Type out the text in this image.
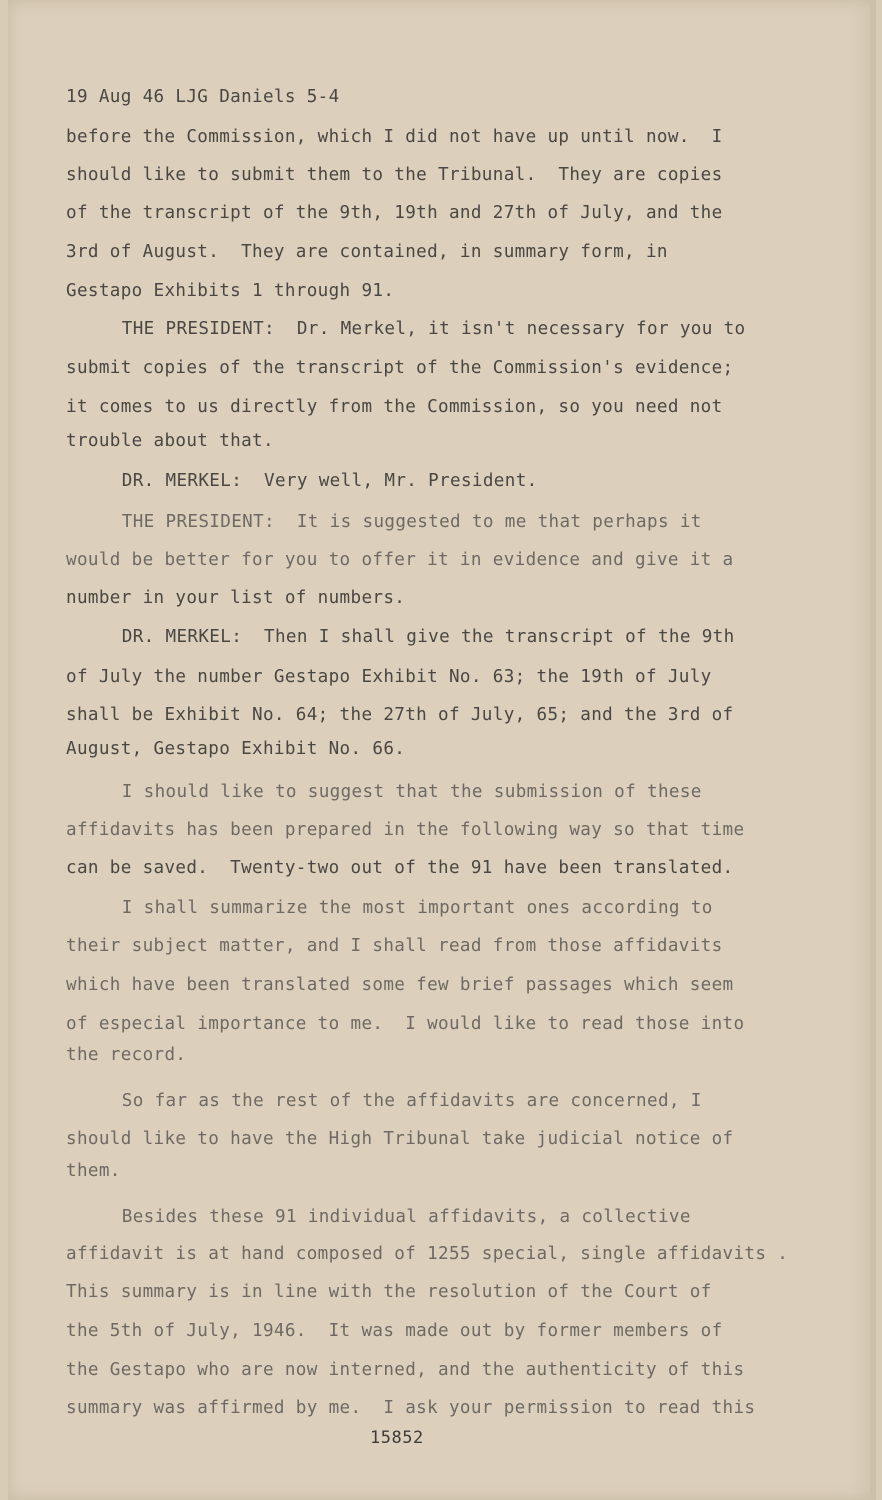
19 Aug 46 LJG Daniels 5-4
before the Commission, which I did not have up until now.  I
should like to submit them to the Tribunal.  They are copies
of the transcript of the 9th, 19th and 27th of July, and the
3rd of August.  They are contained, in summary form, in
Gestapo Exhibits 1 through 91.
THE PRESIDENT:  Dr. Merkel, it isn't necessary for you to
submit copies of the transcript of the Commission's evidence;
it comes to us directly from the Commission, so you need not
trouble about that.
DR. MERKEL:  Very well, Mr. President.
THE PRESIDENT:  It is suggested to me that perhaps it
would be better for you to offer it in evidence and give it a
number in your list of numbers.
DR. MERKEL:  Then I shall give the transcript of the 9th
of July the number Gestapo Exhibit No. 63; the 19th of July
shall be Exhibit No. 64; the 27th of July, 65; and the 3rd of
August, Gestapo Exhibit No. 66.
I should like to suggest that the submission of these
affidavits has been prepared in the following way so that time
can be saved.  Twenty-two out of the 91 have been translated.
I shall summarize the most important ones according to
their subject matter, and I shall read from those affidavits
which have been translated some few brief passages which seem
of especial importance to me.  I would like to read those into
the record.
So far as the rest of the affidavits are concerned, I
should like to have the High Tribunal take judicial notice of
them.
Besides these 91 individual affidavits, a collective
affidavit is at hand composed of 1255 special, single affidavits .
This summary is in line with the resolution of the Court of
the 5th of July, 1946.  It was made out by former members of
the Gestapo who are now interned, and the authenticity of this
summary was affirmed by me.  I ask your permission to read this
15852
